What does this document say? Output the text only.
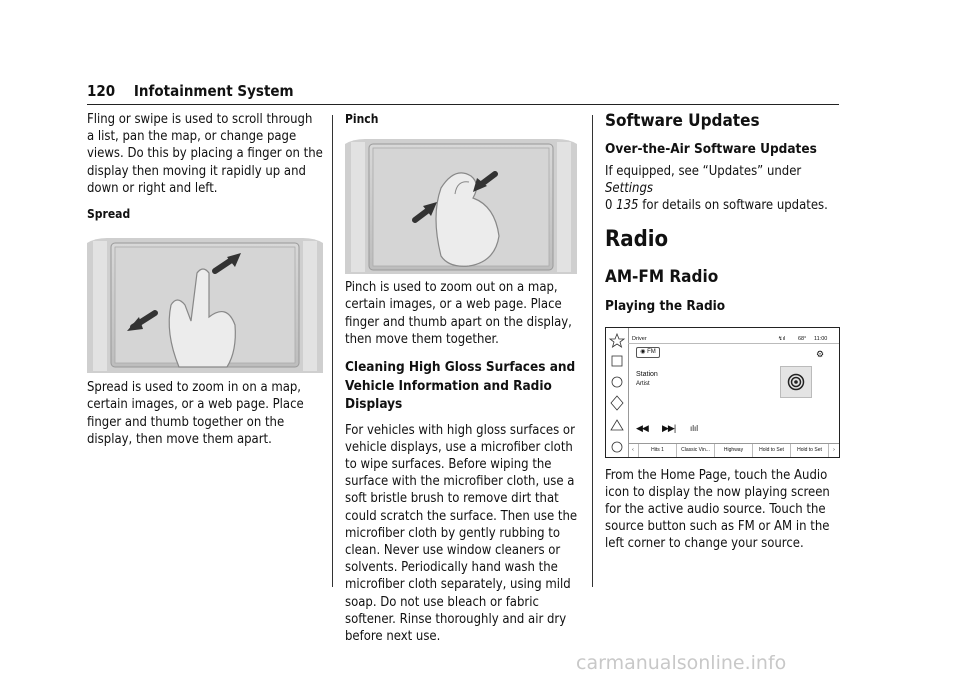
120 Infotainment System

Fling or swipe is used to scroll through a list, pan the map, or change page views. Do this by placing a finger on the display then moving it rapidly up and down or right and left.

Spread

Spread is used to zoom in on a map, certain images, or a web page. Place finger and thumb together on the display, then move them apart.

Pinch

Pinch is used to zoom out on a map, certain images, or a web page. Place finger and thumb apart on the display, then move them together.

Cleaning High Gloss Surfaces and Vehicle Information and Radio Displays

For vehicles with high gloss surfaces or vehicle displays, use a microfiber cloth to wipe surfaces. Before wiping the surface with the microfiber cloth, use a soft bristle brush to remove dirt that could scratch the surface. Then use the microfiber cloth by gently rubbing to clean. Never use window cleaners or solvents. Periodically hand wash the microfiber cloth separately, using mild soap. Do not use bleach or fabric softener. Rinse thoroughly and air dry before next use.

Software Updates

Over-the-Air Software Updates

If equipped, see “Updates” under Settings
0 135 for details on software updates.

Radio

AM-FM Radio

Playing the Radio

Driver	↯ıl 68° 11:00
◉ FM	⚙
Station
Artist
◀◀ ▶▶| ılıl
‹	Hits 1	Classic Vin...	Highway	Hold to Set	Hold to Set	›

From the Home Page, touch the Audio icon to display the now playing screen for the active audio source. Touch the source button such as FM or AM in the left corner to change your source.

carmanualsonline.info
